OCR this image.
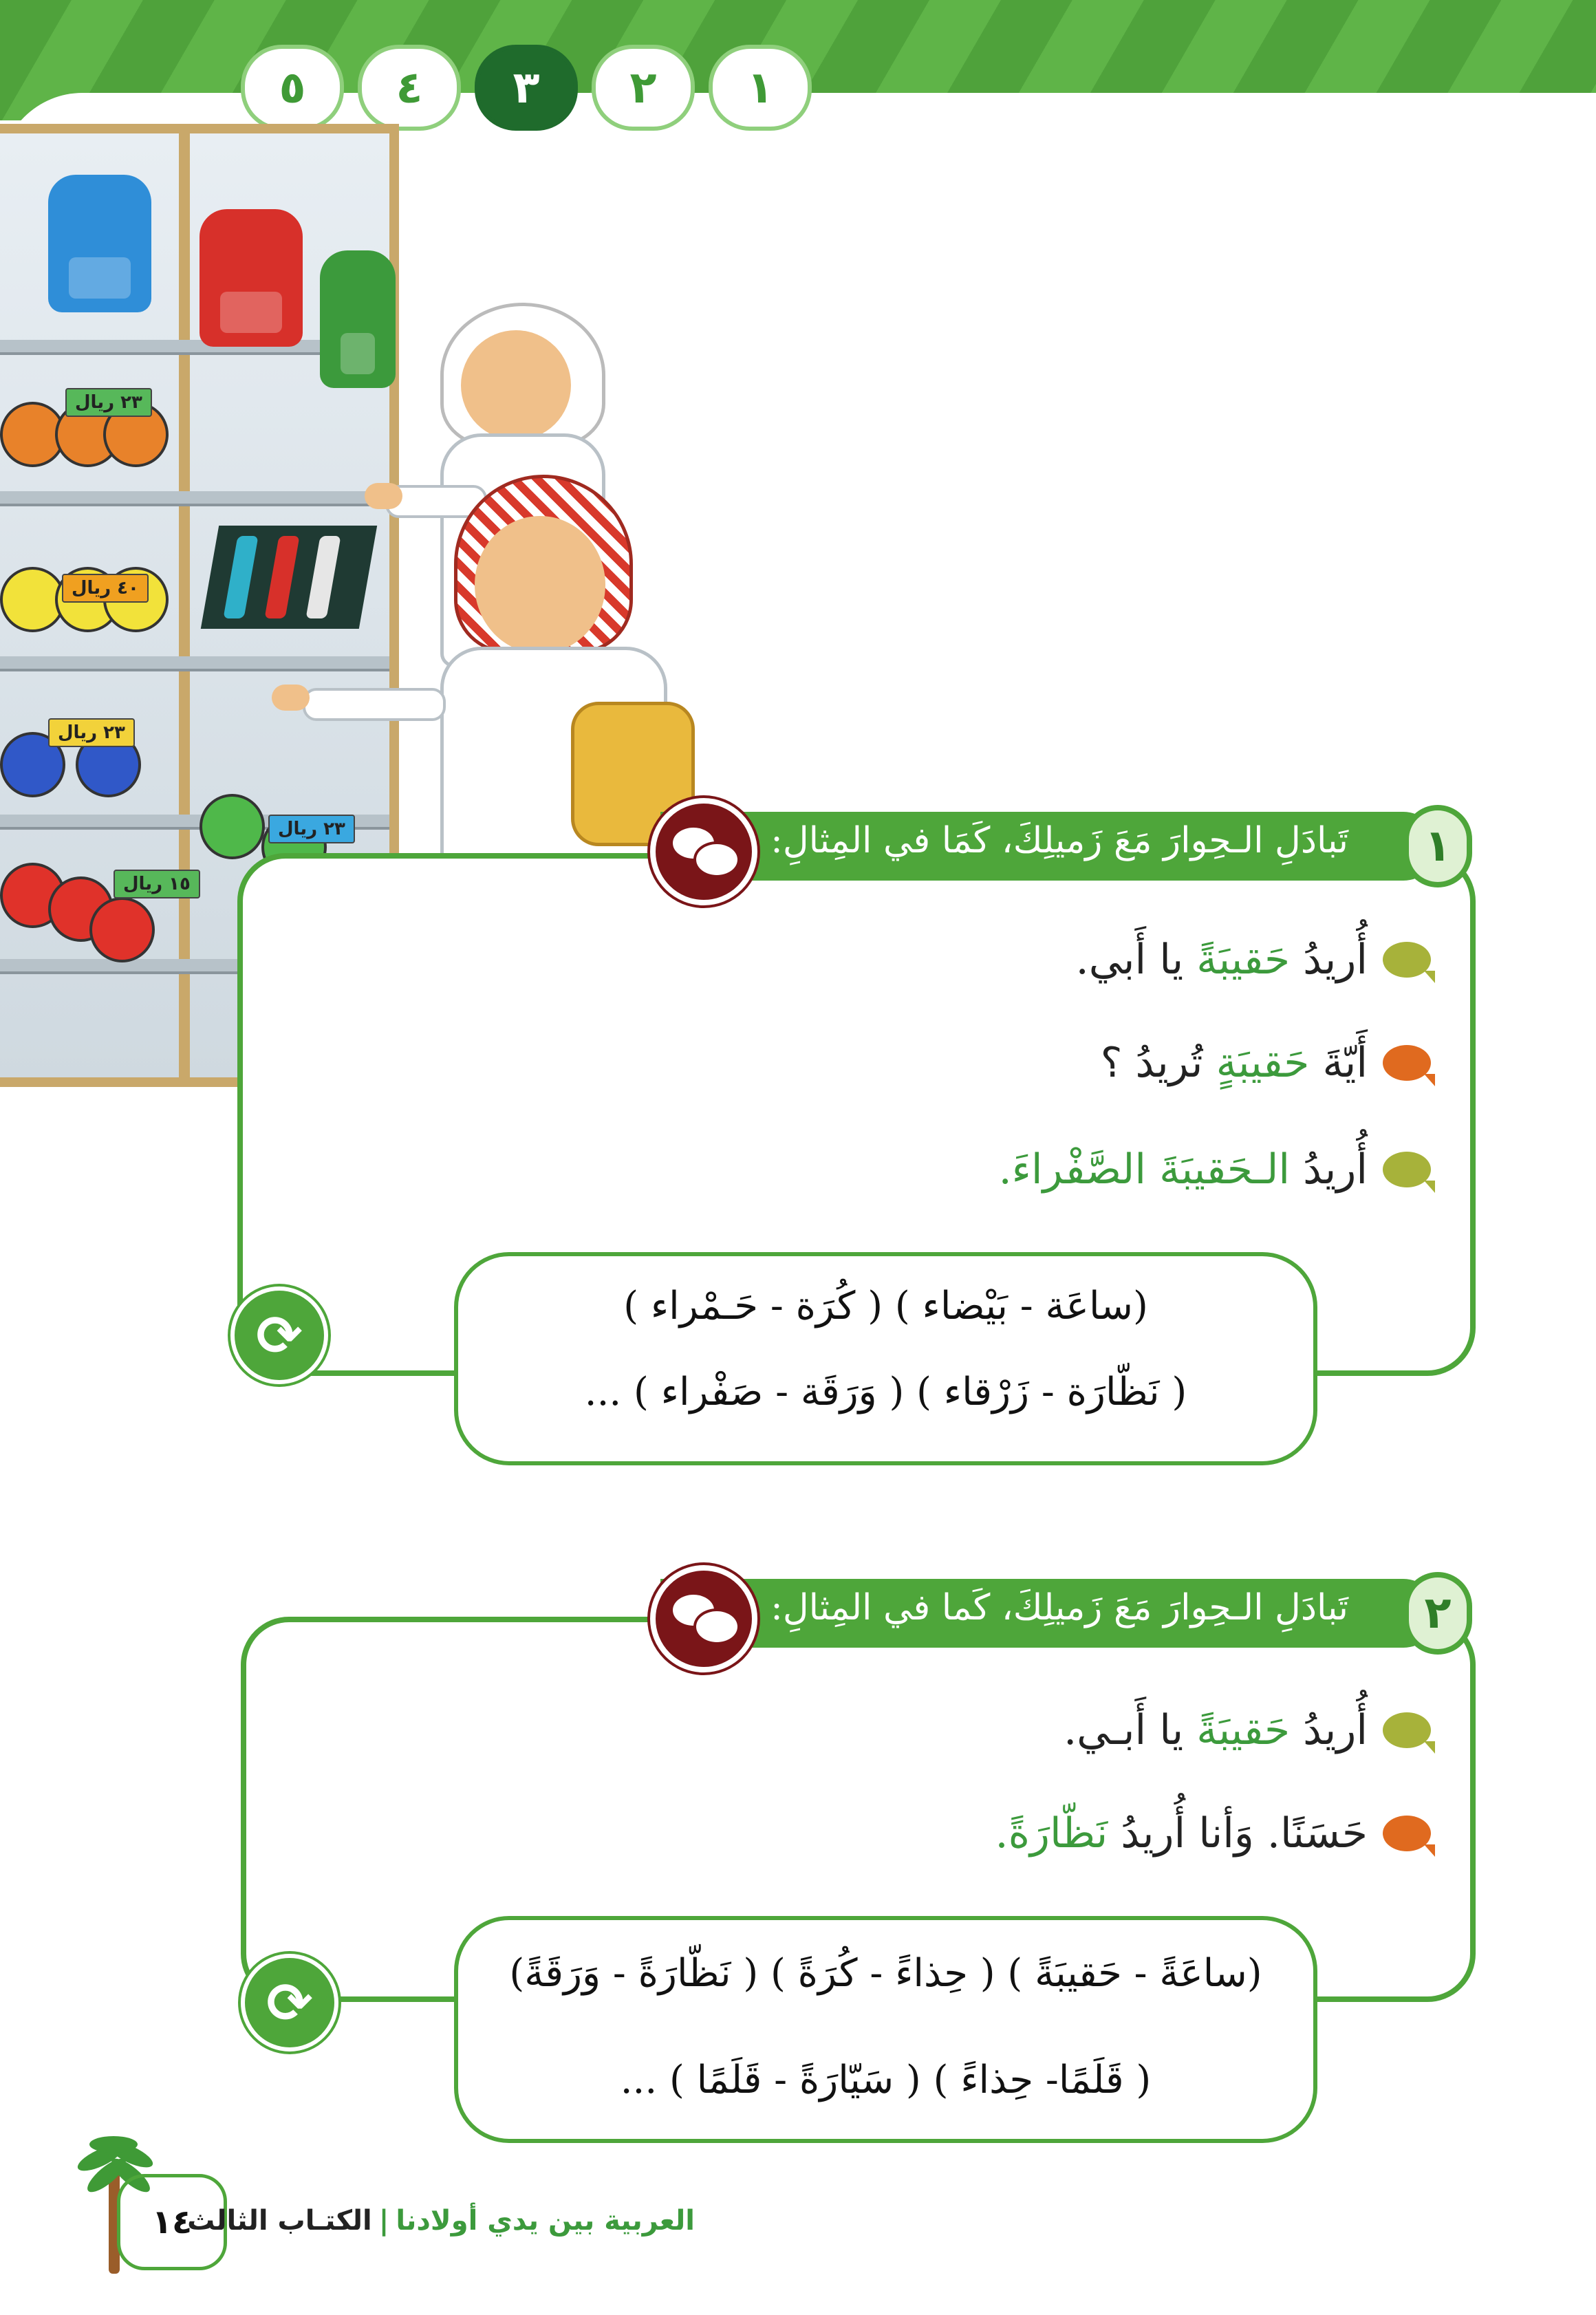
١
٢
٣
٤
٥
٢٣ ريال
٤٠ ريال
٢٣ ريال
٢٣ ريال
١٥ ريال
تَبادَلِ الـحِوارَ مَعَ زَميلِكَ، كَمَا في المِثالِ:	١
أُريدُ حَقيبَةً يا أَبي.
أَيّةَ حَقيبَةٍ تُريدُ ؟
أُريدُ الـحَقيبَةَ الصَّفْراءَ.
(ساعَة - بَيْضاء ) ( كُرَة - حَـمْراء )
( نَظّارَة - زَرْقاء ) ( وَرَقَة - صَفْراء ) ...
⟳
تَبادَلِ الـحِوارَ مَعَ زَميلِكَ، كَما في المِثالِ:	٢
أُريدُ حَقيبَةً يا أَبـي.
حَسَنًا. وَأنا أُريدُ نَظّارَةً.
(ساعَةً - حَقيبَةً ) ( حِذاءً - كُرَةً ) ( نَظّارَةً - وَرَقَةً)
( قَلَمًا- حِذاءً ) ( سَيّارَةً - قَلَمًا ) ...
⟳
١٤	العربية بين يدي أولادنا|الكتـاب الثالث
